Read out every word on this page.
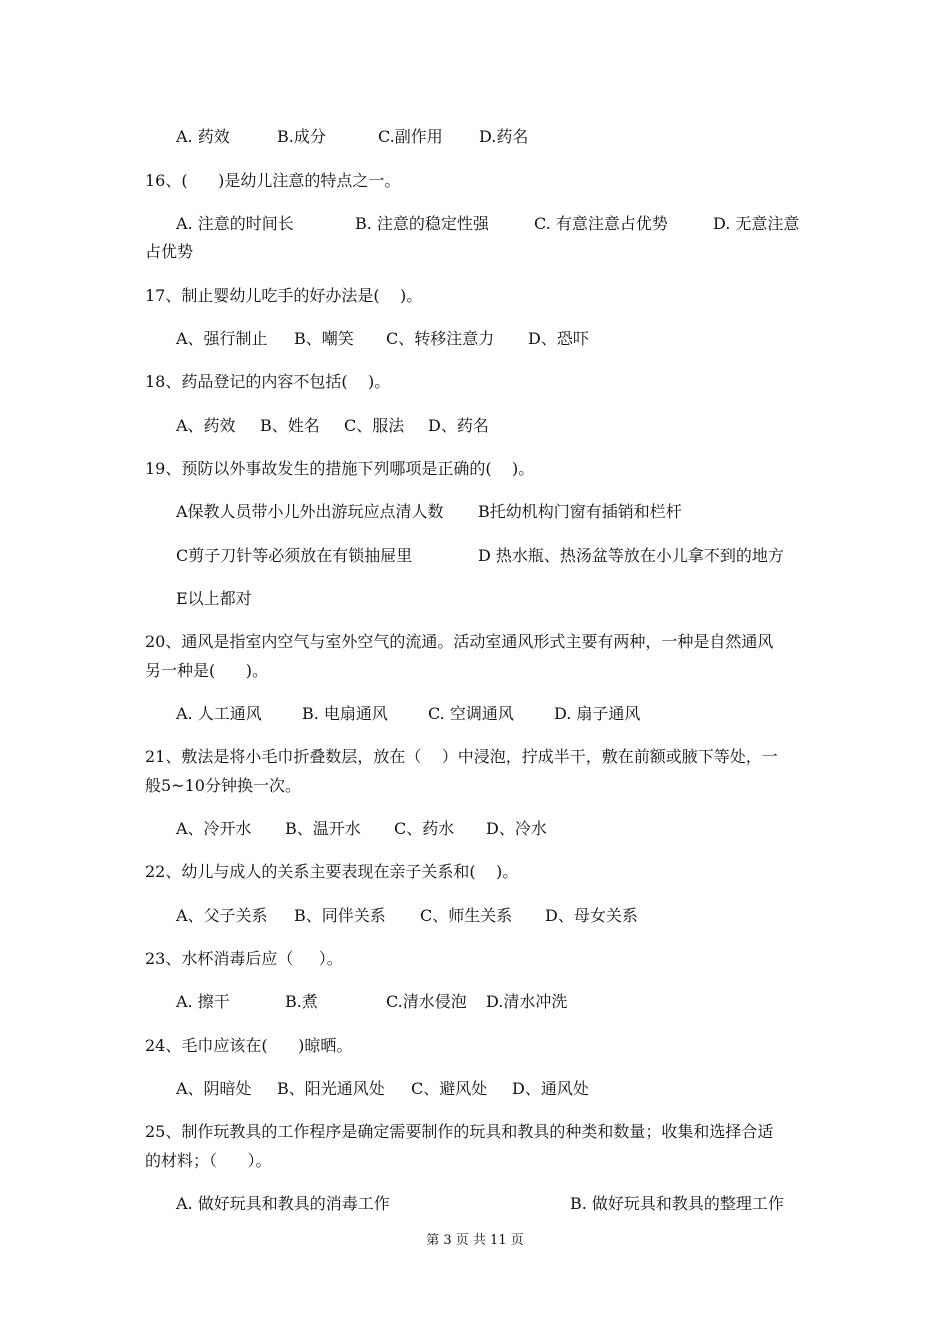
A. 药效	B.成分	C.副作用 D.药名
16、(      )是幼儿注意的特点之一。
A. 注意的时间长	B. 注意的稳定性强	C. 有意注意占优势	D. 无意注意
占优势
17、制止婴幼儿吃手的好办法是(    )。
A、强行制止 B、嘲笑 C、转移注意力 D、恐吓
18、药品登记的内容不包括(    )。
A、药效 B、姓名 C、服法 D、药名
19、预防以外事故发生的措施下列哪项是正确的(    )。
A保教人员带小儿外出游玩应点清人数 B托幼机构门窗有插销和栏杆
C剪子刀针等必须放在有锁抽屉里	D 热水瓶、热汤盆等放在小儿拿不到的地方
E以上都对
20、通风是指室内空气与室外空气的流通。活动室通风形式主要有两种，一种是自然通风
另一种是(      )。
A. 人工通风	B. 电扇通风	C. 空调通风	D. 扇子通风
21、敷法是将小毛巾折叠数层，放在（    ）中浸泡，拧成半干，敷在前额或腋下等处，一
般5~10分钟换一次。
A、冷开水 B、温开水 C、药水 D、冷水
22、幼儿与成人的关系主要表现在亲子关系和(    )。
A、父子关系 B、同伴关系 C、师生关系 D、母女关系
23、水杯消毒后应（     ）。
A. 擦干	B.煮	C.清水侵泡 D.清水冲洗
24、毛巾应该在(      )晾晒。
A、阴暗处 B、阳光通风处 C、避风处 D、通风处
25、制作玩教具的工作程序是确定需要制作的玩具和教具的种类和数量；收集和选择合适
的材料；（      ）。
A. 做好玩具和教具的消毒工作	B. 做好玩具和教具的整理工作
第 3 页 共 11 页
